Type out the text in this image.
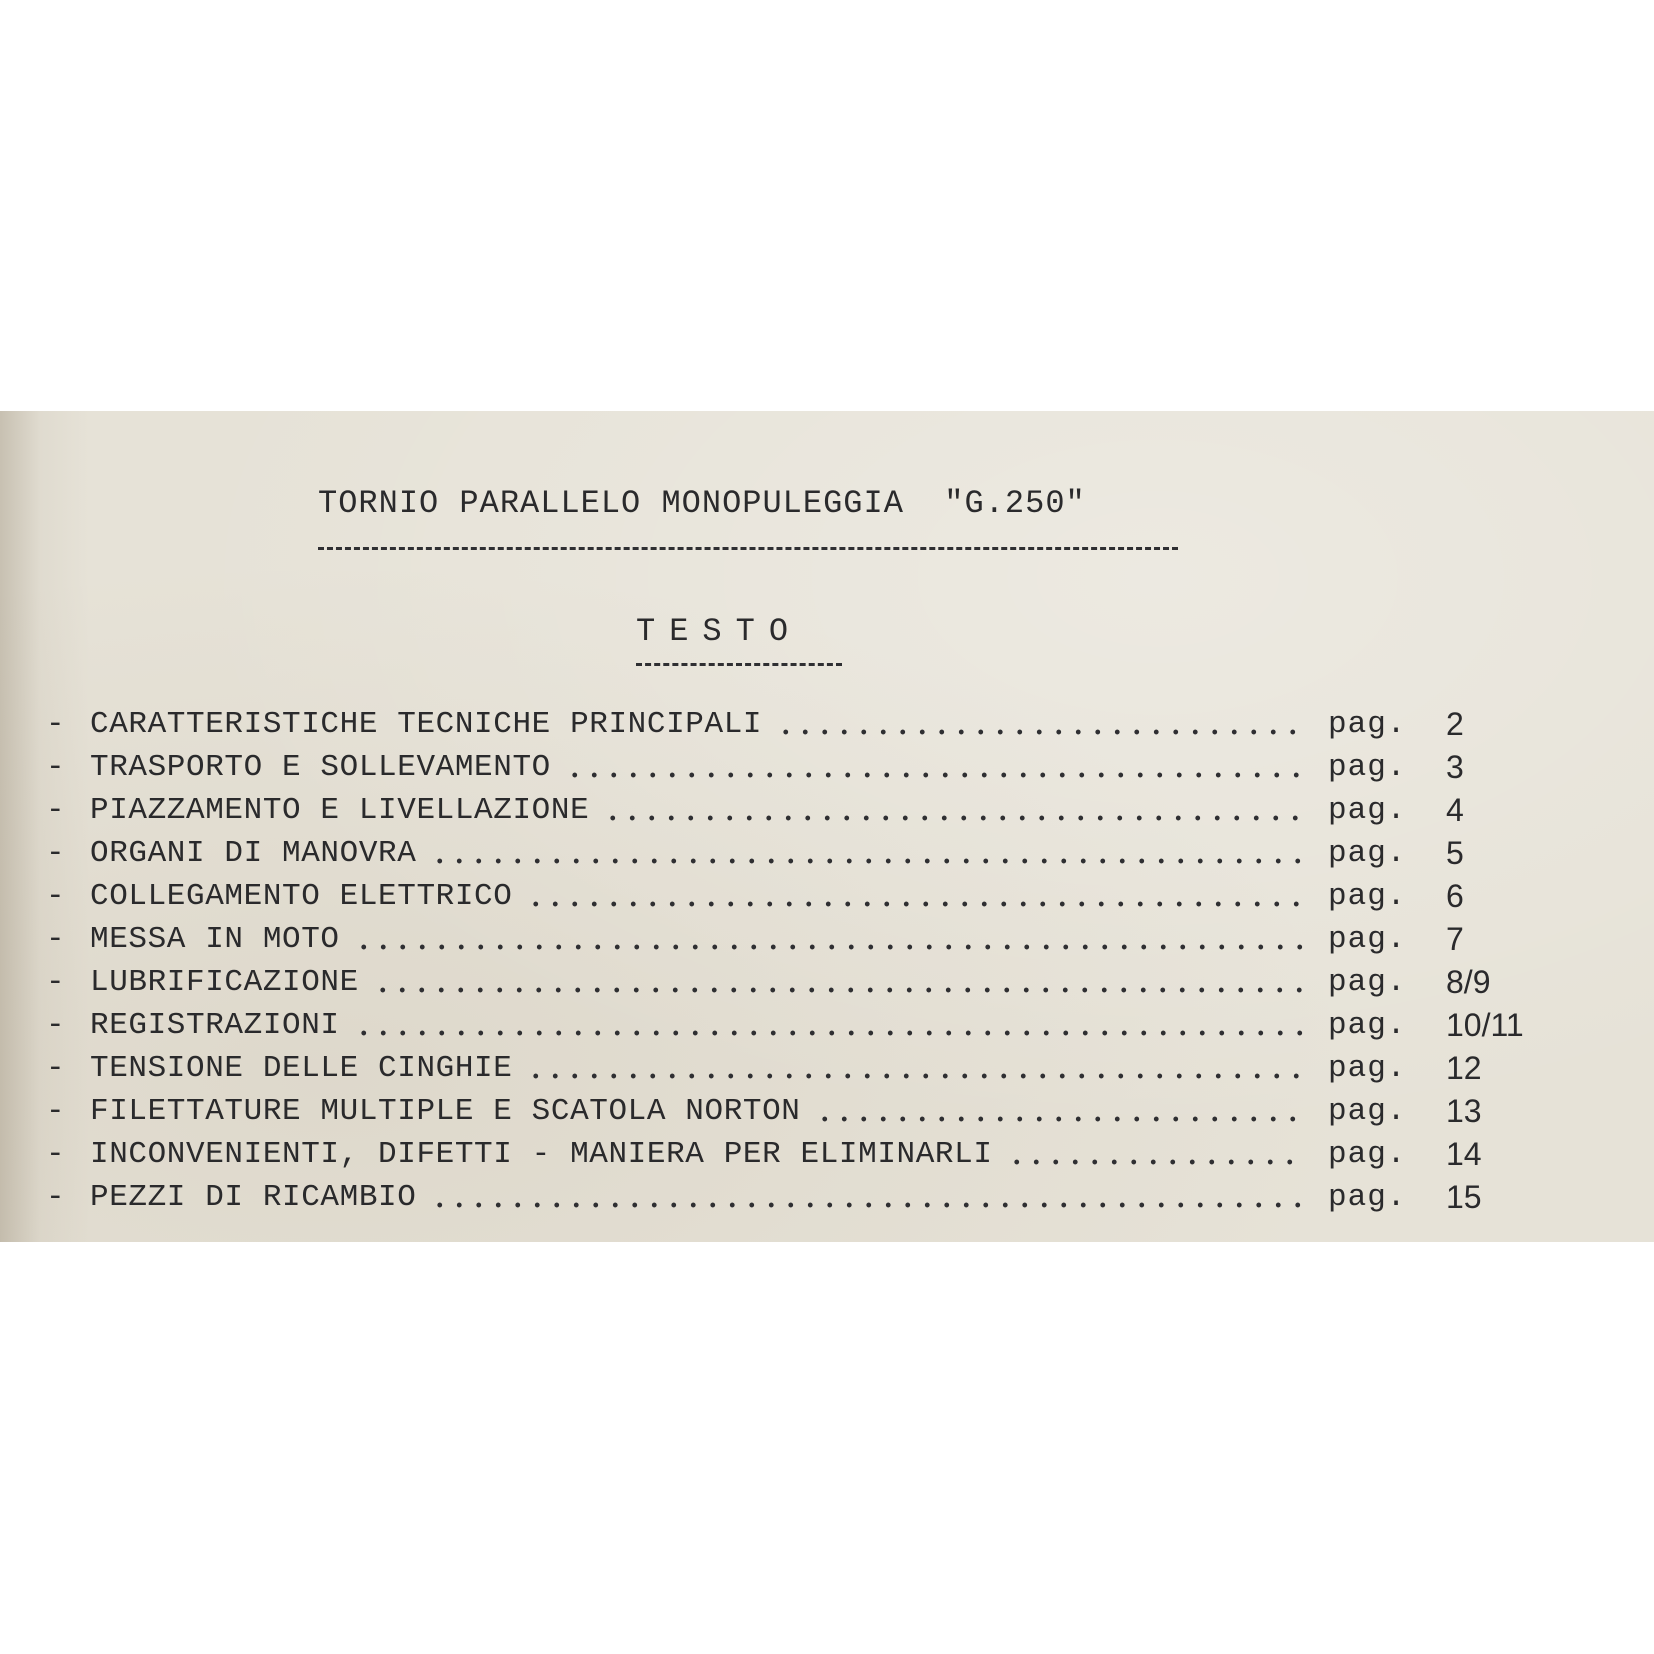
TORNIO PARALLELO MONOPULEGGIA  "G.250"
TESTO
- CARATTERISTICHE TECNICHE PRINCIPALI	pag.	2
- TRASPORTO E SOLLEVAMENTO	pag.	3
- PIAZZAMENTO E LIVELLAZIONE	pag.	4
- ORGANI DI MANOVRA	pag.	5
- COLLEGAMENTO ELETTRICO	pag.	6
- MESSA IN MOTO	pag.	7
- LUBRIFICAZIONE	pag.	8/9
- REGISTRAZIONI	pag.	10/11
- TENSIONE DELLE CINGHIE	pag.	12
- FILETTATURE MULTIPLE E SCATOLA NORTON	pag.	13
- INCONVENIENTI, DIFETTI - MANIERA PER ELIMINARLI	pag.	14
- PEZZI DI RICAMBIO	pag.	15
